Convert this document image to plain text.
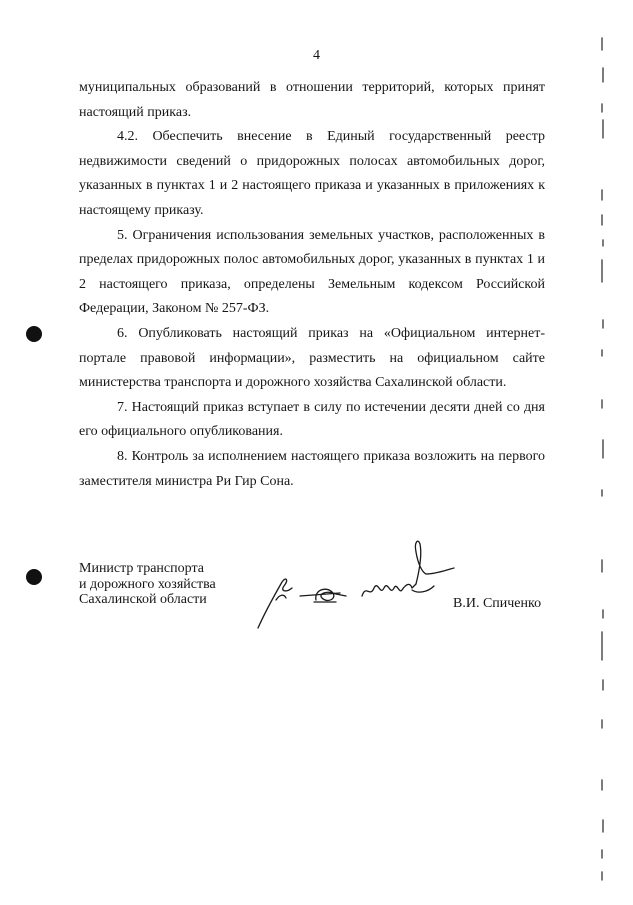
4

муниципальных образований в отношении территорий, которых принят настоящий приказ.

4.2. Обеспечить внесение в Единый государственный реестр недвижимости сведений о придорожных полосах автомобильных дорог, указанных в пунктах 1 и 2 настоящего приказа и указанных в приложениях к настоящему приказу.

5. Ограничения использования земельных участков, расположенных в пределах придорожных полос автомобильных дорог, указанных в пунктах 1 и 2 настоящего приказа, определены Земельным кодексом Российской Федерации, Законом № 257-ФЗ.

6. Опубликовать настоящий приказ на «Официальном интернет-портале правовой информации», разместить на официальном сайте министерства транспорта и дорожного хозяйства Сахалинской области.

7. Настоящий приказ вступает в силу по истечении десяти дней со дня его официального опубликования.

8. Контроль за исполнением настоящего приказа возложить на первого заместителя министра Ри Гир Сона.

Министр транспорта
и дорожного хозяйства
Сахалинской области	В.И. Спиченко
